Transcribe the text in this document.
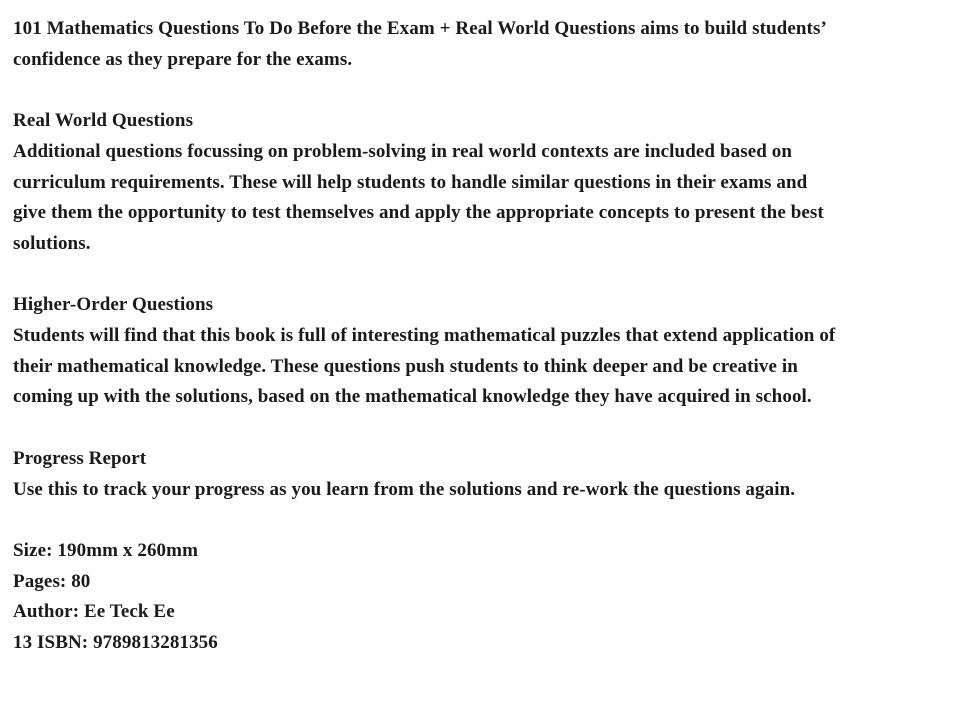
101 Mathematics Questions To Do Before the Exam + Real World Questions aims to build students’ confidence as they prepare for the exams.

Real World Questions

Additional questions focussing on problem-solving in real world contexts are included based on curriculum requirements. These will help students to handle similar questions in their exams and give them the opportunity to test themselves and apply the appropriate concepts to present the best solutions.

Higher-Order Questions

Students will find that this book is full of interesting mathematical puzzles that extend application of their mathematical knowledge. These questions push students to think deeper and be creative in coming up with the solutions, based on the mathematical knowledge they have acquired in school.

Progress Report

Use this to track your progress as you learn from the solutions and re-work the questions again.

Size: 190mm x 260mm

Pages: 80

Author: Ee Teck Ee

13 ISBN: 9789813281356
